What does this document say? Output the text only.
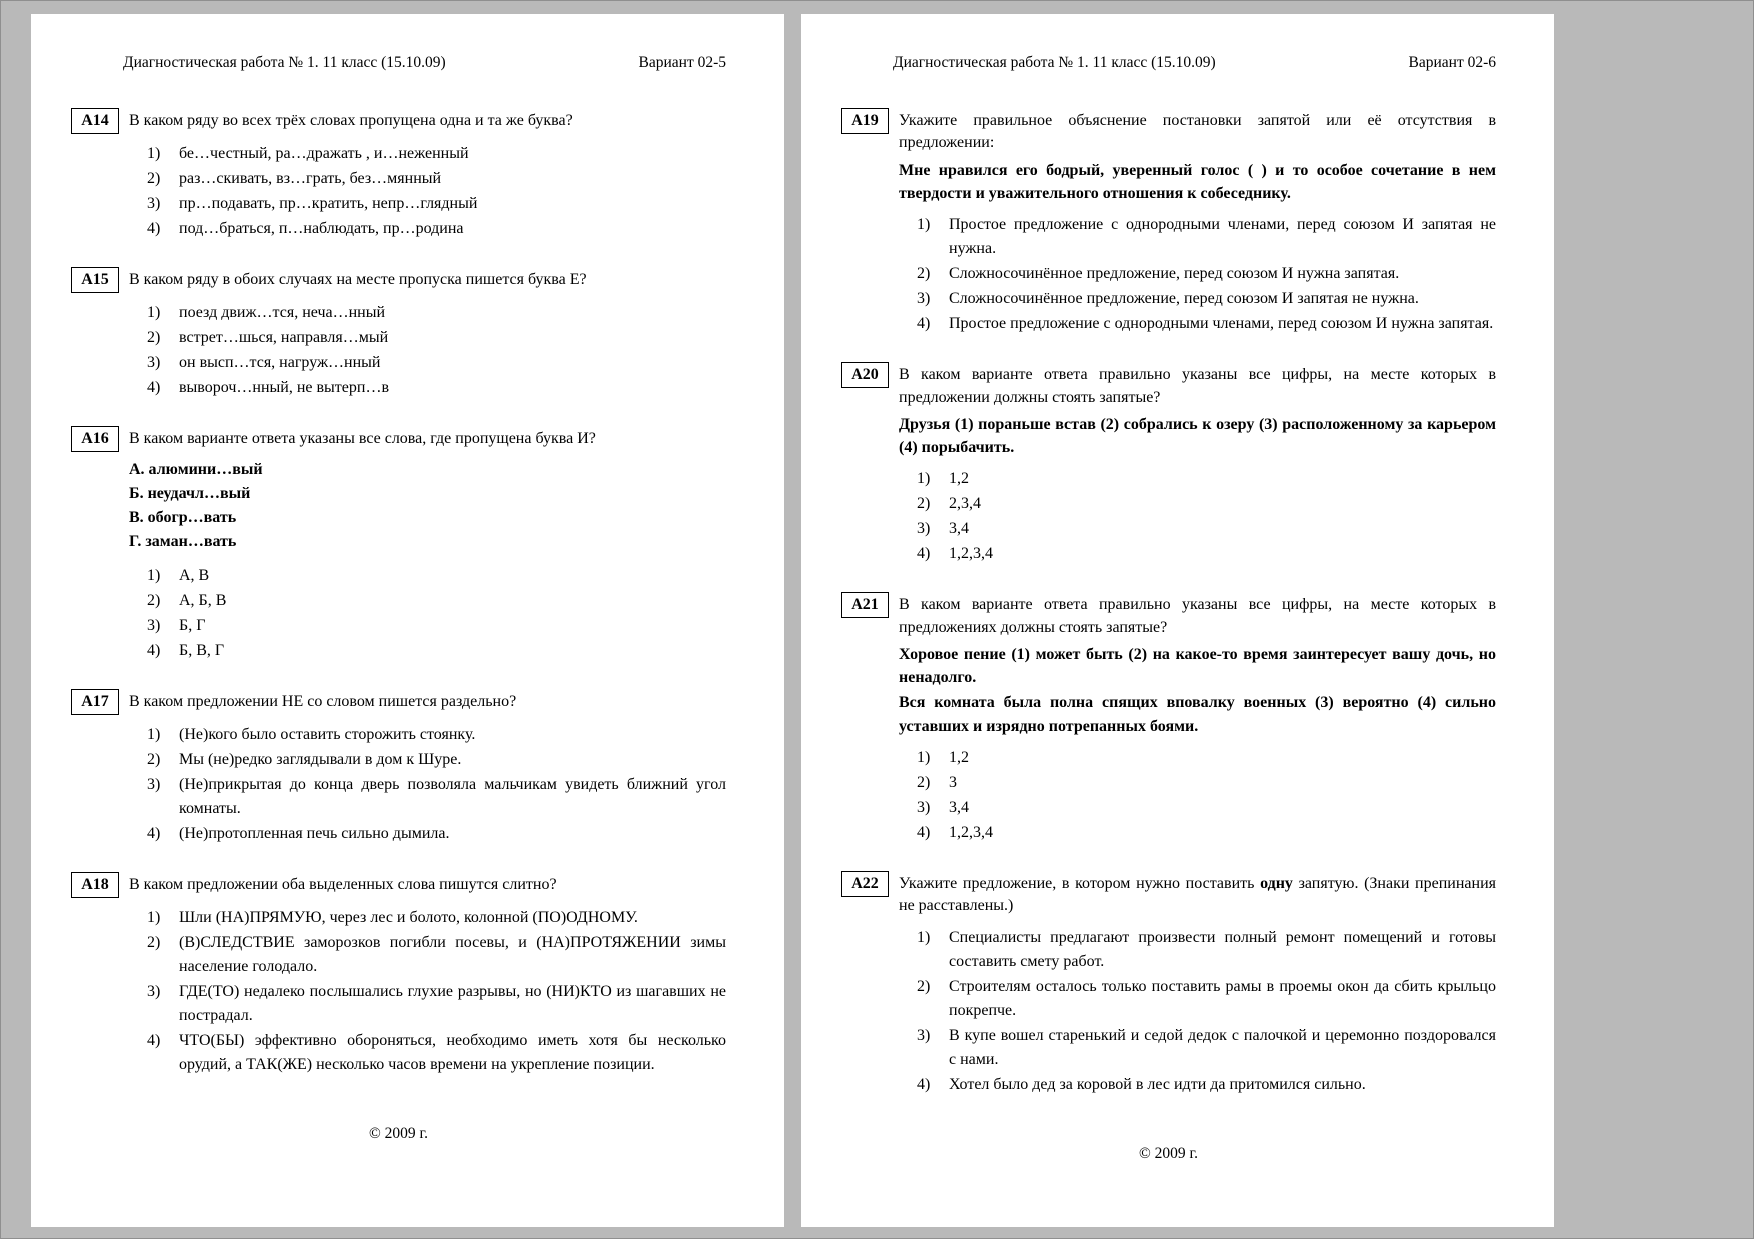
Диагностическая работа № 1. 11 класс (15.10.09)	Вариант 02-5
А14	В каком ряду во всех трёх словах пропущена одна и та же буква?

1) бе…честный, ра…дражать , и…неженный
2) раз…скивать, вз…грать, без…мянный
3) пр…подавать, пр…кратить, непр…глядный
4) под…браться, п…наблюдать, пр…родина
А15	В каком ряду в обоих случаях на месте пропуска пишется буква Е?

1) поезд движ…тся, неча…нный
2) встрет…шься, направля…мый
3) он высп…тся, нагруж…нный
4) вывороч…нный, не вытерп…в
А16	В каком варианте ответа указаны все слова, где пропущена буква И?

А. алюмини…вый

Б. неудачл…вый

В. обогр…вать

Г. заман…вать

1) А, В
2) А, Б, В
3) Б, Г
4) Б, В, Г
А17	В каком предложении НЕ со словом пишется раздельно?

1) (Не)кого было оставить сторожить стоянку.
2) Мы (не)редко заглядывали в дом к Шуре.
3) (Не)прикрытая до конца дверь позволяла мальчикам увидеть ближний угол комнаты.
4) (Не)протопленная печь сильно дымила.
А18	В каком предложении оба выделенных слова пишутся слитно?

1) Шли (НА)ПРЯМУЮ, через лес и болото, колонной (ПО)ОДНОМУ.
2) (В)СЛЕДСТВИЕ заморозков погибли посевы, и (НА)ПРОТЯЖЕНИИ зимы население голодало.
3) ГДЕ(ТО) недалеко послышались глухие разрывы, но (НИ)КТО из шагавших не пострадал.
4) ЧТО(БЫ) эффективно обороняться, необходимо иметь хотя бы несколько орудий, а ТАК(ЖЕ) несколько часов времени на укрепление позиции.
© 2009 г.
Диагностическая работа № 1. 11 класс (15.10.09)	Вариант 02-6
А19	Укажите правильное объяснение постановки запятой или её отсутствия в предложении:

Мне нравился его бодрый, уверенный голос ( ) и то особое сочетание в нем твердости и уважительного отношения к собеседнику.

1) Простое предложение с однородными членами, перед союзом И запятая не нужна.
2) Сложносочинённое предложение, перед союзом И нужна запятая.
3) Сложносочинённое предложение, перед союзом И запятая не нужна.
4) Простое предложение с однородными членами, перед союзом И нужна запятая.
А20	В каком варианте ответа правильно указаны все цифры, на месте которых в предложении должны стоять запятые?

Друзья (1) пораньше встав (2) собрались к озеру (3) расположенному за карьером (4) порыбачить.

1) 1,2
2) 2,3,4
3) 3,4
4) 1,2,3,4
А21	В каком варианте ответа правильно указаны все цифры, на месте которых в предложениях должны стоять запятые?

Хоровое пение (1) может быть (2) на какое-то время заинтересует вашу дочь, но ненадолго.

Вся комната была полна спящих вповалку военных (3) вероятно (4) сильно уставших и изрядно потрепанных боями.

1) 1,2
2) 3
3) 3,4
4) 1,2,3,4
А22	Укажите предложение, в котором нужно поставить одну запятую. (Знаки препинания не расставлены.)

1) Специалисты предлагают произвести полный ремонт помещений и готовы составить смету работ.
2) Строителям осталось только поставить рамы в проемы окон да сбить крыльцо покрепче.
3) В купе вошел старенький и седой дедок с палочкой и церемонно поздоровался с нами.
4) Хотел было дед за коровой в лес идти да притомился сильно.
© 2009 г.
